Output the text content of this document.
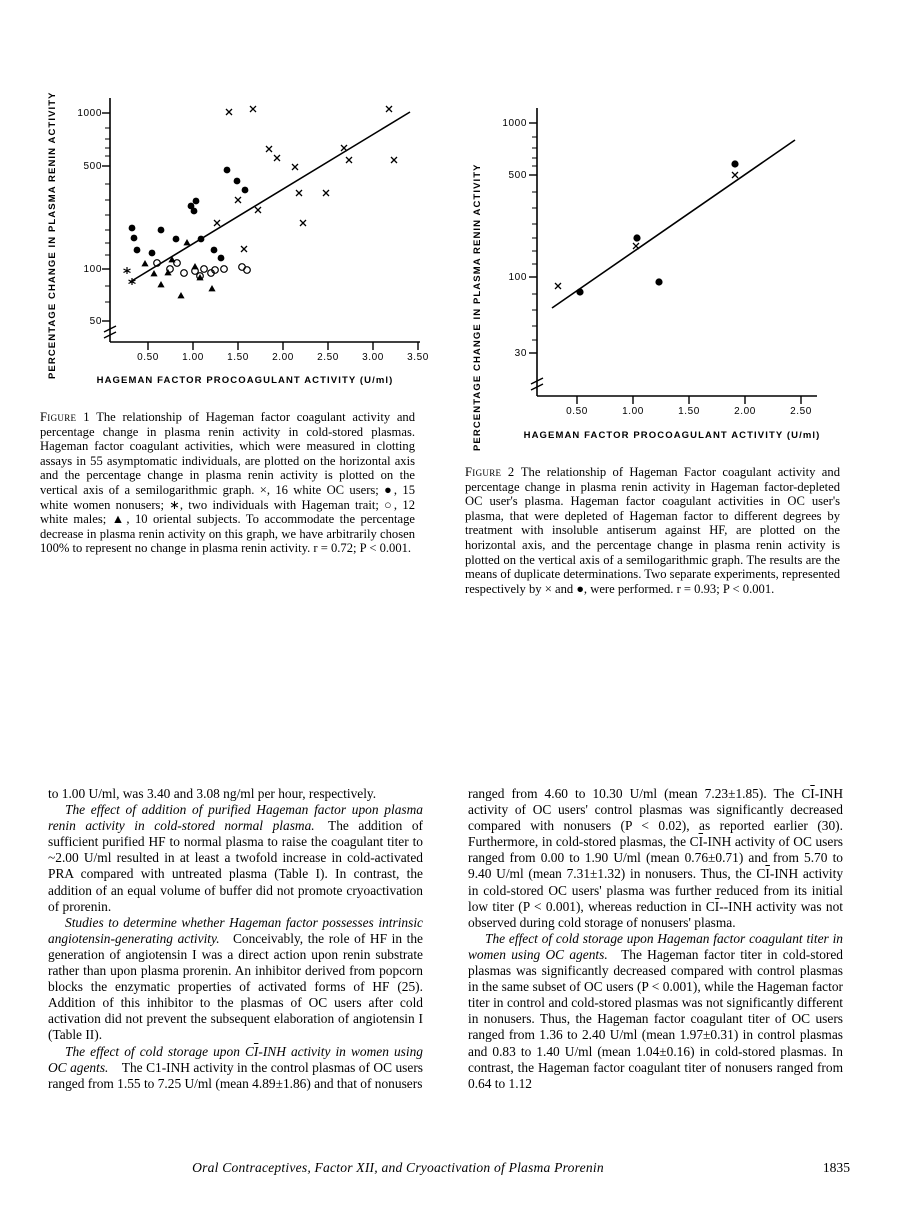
PERCENTAGE CHANGE IN PLASMA RENIN ACTIVITY	1000
500
100
50
0.50	1.00	1.50	2.00	2.50	3.00	3.50
HAGEMAN FACTOR PROCOAGULANT ACTIVITY (U/ml)
Figure 1  The relationship of Hageman factor coagulant activity and percentage change in plasma renin activity in cold-stored plasmas. Hageman factor coagulant activities, which were measured in clotting assays in 55 asymptomatic individuals, are plotted on the horizontal axis and the percentage change in plasma renin activity is plotted on the vertical axis of a semilogarithmic graph. ×, 16 white OC users; ●, 15 white women nonusers; ∗, two individuals with Hageman trait; ○, 12 white males; ▲, 10 oriental subjects. To accommodate the percentage decrease in plasma renin activity on this graph, we have arbitrarily chosen 100% to represent no change in plasma renin activity. r = 0.72; P < 0.001.
PERCENTAGE CHANGE IN PLASMA RENIN ACTIVITY
1000
500
100
30
0.50	1.00	1.50	2.00	2.50
HAGEMAN FACTOR PROCOAGULANT ACTIVITY (U/ml)
Figure 2  The relationship of Hageman Factor coagulant activity and percentage change in plasma renin activity in Hageman factor-depleted OC user's plasma. Hageman factor coagulant activities in OC user's plasma, that were depleted of Hageman factor to different degrees by treatment with insoluble antiserum against HF, are plotted on the horizontal axis, and the percentage change in plasma renin activity is plotted on the vertical axis of a semilogarithmic graph. The results are the means of duplicate determinations. Two separate experiments, represented respectively by × and ●, were performed. r = 0.93; P < 0.001.

to 1.00 U/ml, was 3.40 and 3.08 ng/ml per hour, respectively.

The effect of addition of purified Hageman factor upon plasma renin activity in cold-stored normal plasma. The addition of sufficient purified HF to normal plasma to raise the coagulant titer to ~2.00 U/ml resulted in at least a twofold increase in cold-activated PRA compared with untreated plasma (Table I). In contrast, the addition of an equal volume of buffer did not promote cryoactivation of prorenin.

Studies to determine whether Hageman factor possesses intrinsic angiotensin-generating activity. Conceivably, the role of HF in the generation of angiotensin I was a direct action upon renin substrate rather than upon plasma prorenin. An inhibitor derived from popcorn blocks the enzymatic properties of activated forms of HF (25). Addition of this inhibitor to the plasmas of OC users after cold activation did not prevent the subsequent elaboration of angiotensin I (Table II).

The effect of cold storage upon $C\overline{I}$-INH activity in women using OC agents. The C1-INH activity in the control plasmas of OC users ranged from 1.55 to 7.25 U/ml (mean 4.89±1.86) and that of nonusers

ranged from 4.60 to 10.30 U/ml (mean 7.23±1.85). The $C\overline{I}$-INH activity of OC users' control plasmas was significantly decreased compared with nonusers (P < 0.02), as reported earlier (30). Furthermore, in cold-stored plasmas, the $C\overline{I}$-INH activity of OC users ranged from 0.00 to 1.90 U/ml (mean 0.76±0.71) and from 5.70 to 9.40 U/ml (mean 7.31±1.32) in nonusers. Thus, the $C\overline{I}$-INH activity in cold-stored OC users' plasma was further reduced from its initial low titer (P < 0.001), whereas reduction in $C\overline{I}-$-INH activity was not observed during cold storage of nonusers' plasma.

The effect of cold storage upon Hageman factor coagulant titer in women using OC agents. The Hageman factor titer in cold-stored plasmas was significantly decreased compared with control plasmas in the same subset of OC users (P < 0.001), while the Hageman factor titer in control and cold-stored plasmas was not significantly different in nonusers. Thus, the Hageman factor coagulant titer of OC users ranged from 1.36 to 2.40 U/ml (mean 1.97±0.31) in control plasmas and 0.83 to 1.40 U/ml (mean 1.04±0.16) in cold-stored plasmas. In contrast, the Hageman factor coagulant titer of nonusers ranged from 0.64 to 1.12

1835
Oral Contraceptives, Factor XII, and Cryoactivation of Plasma Prorenin
